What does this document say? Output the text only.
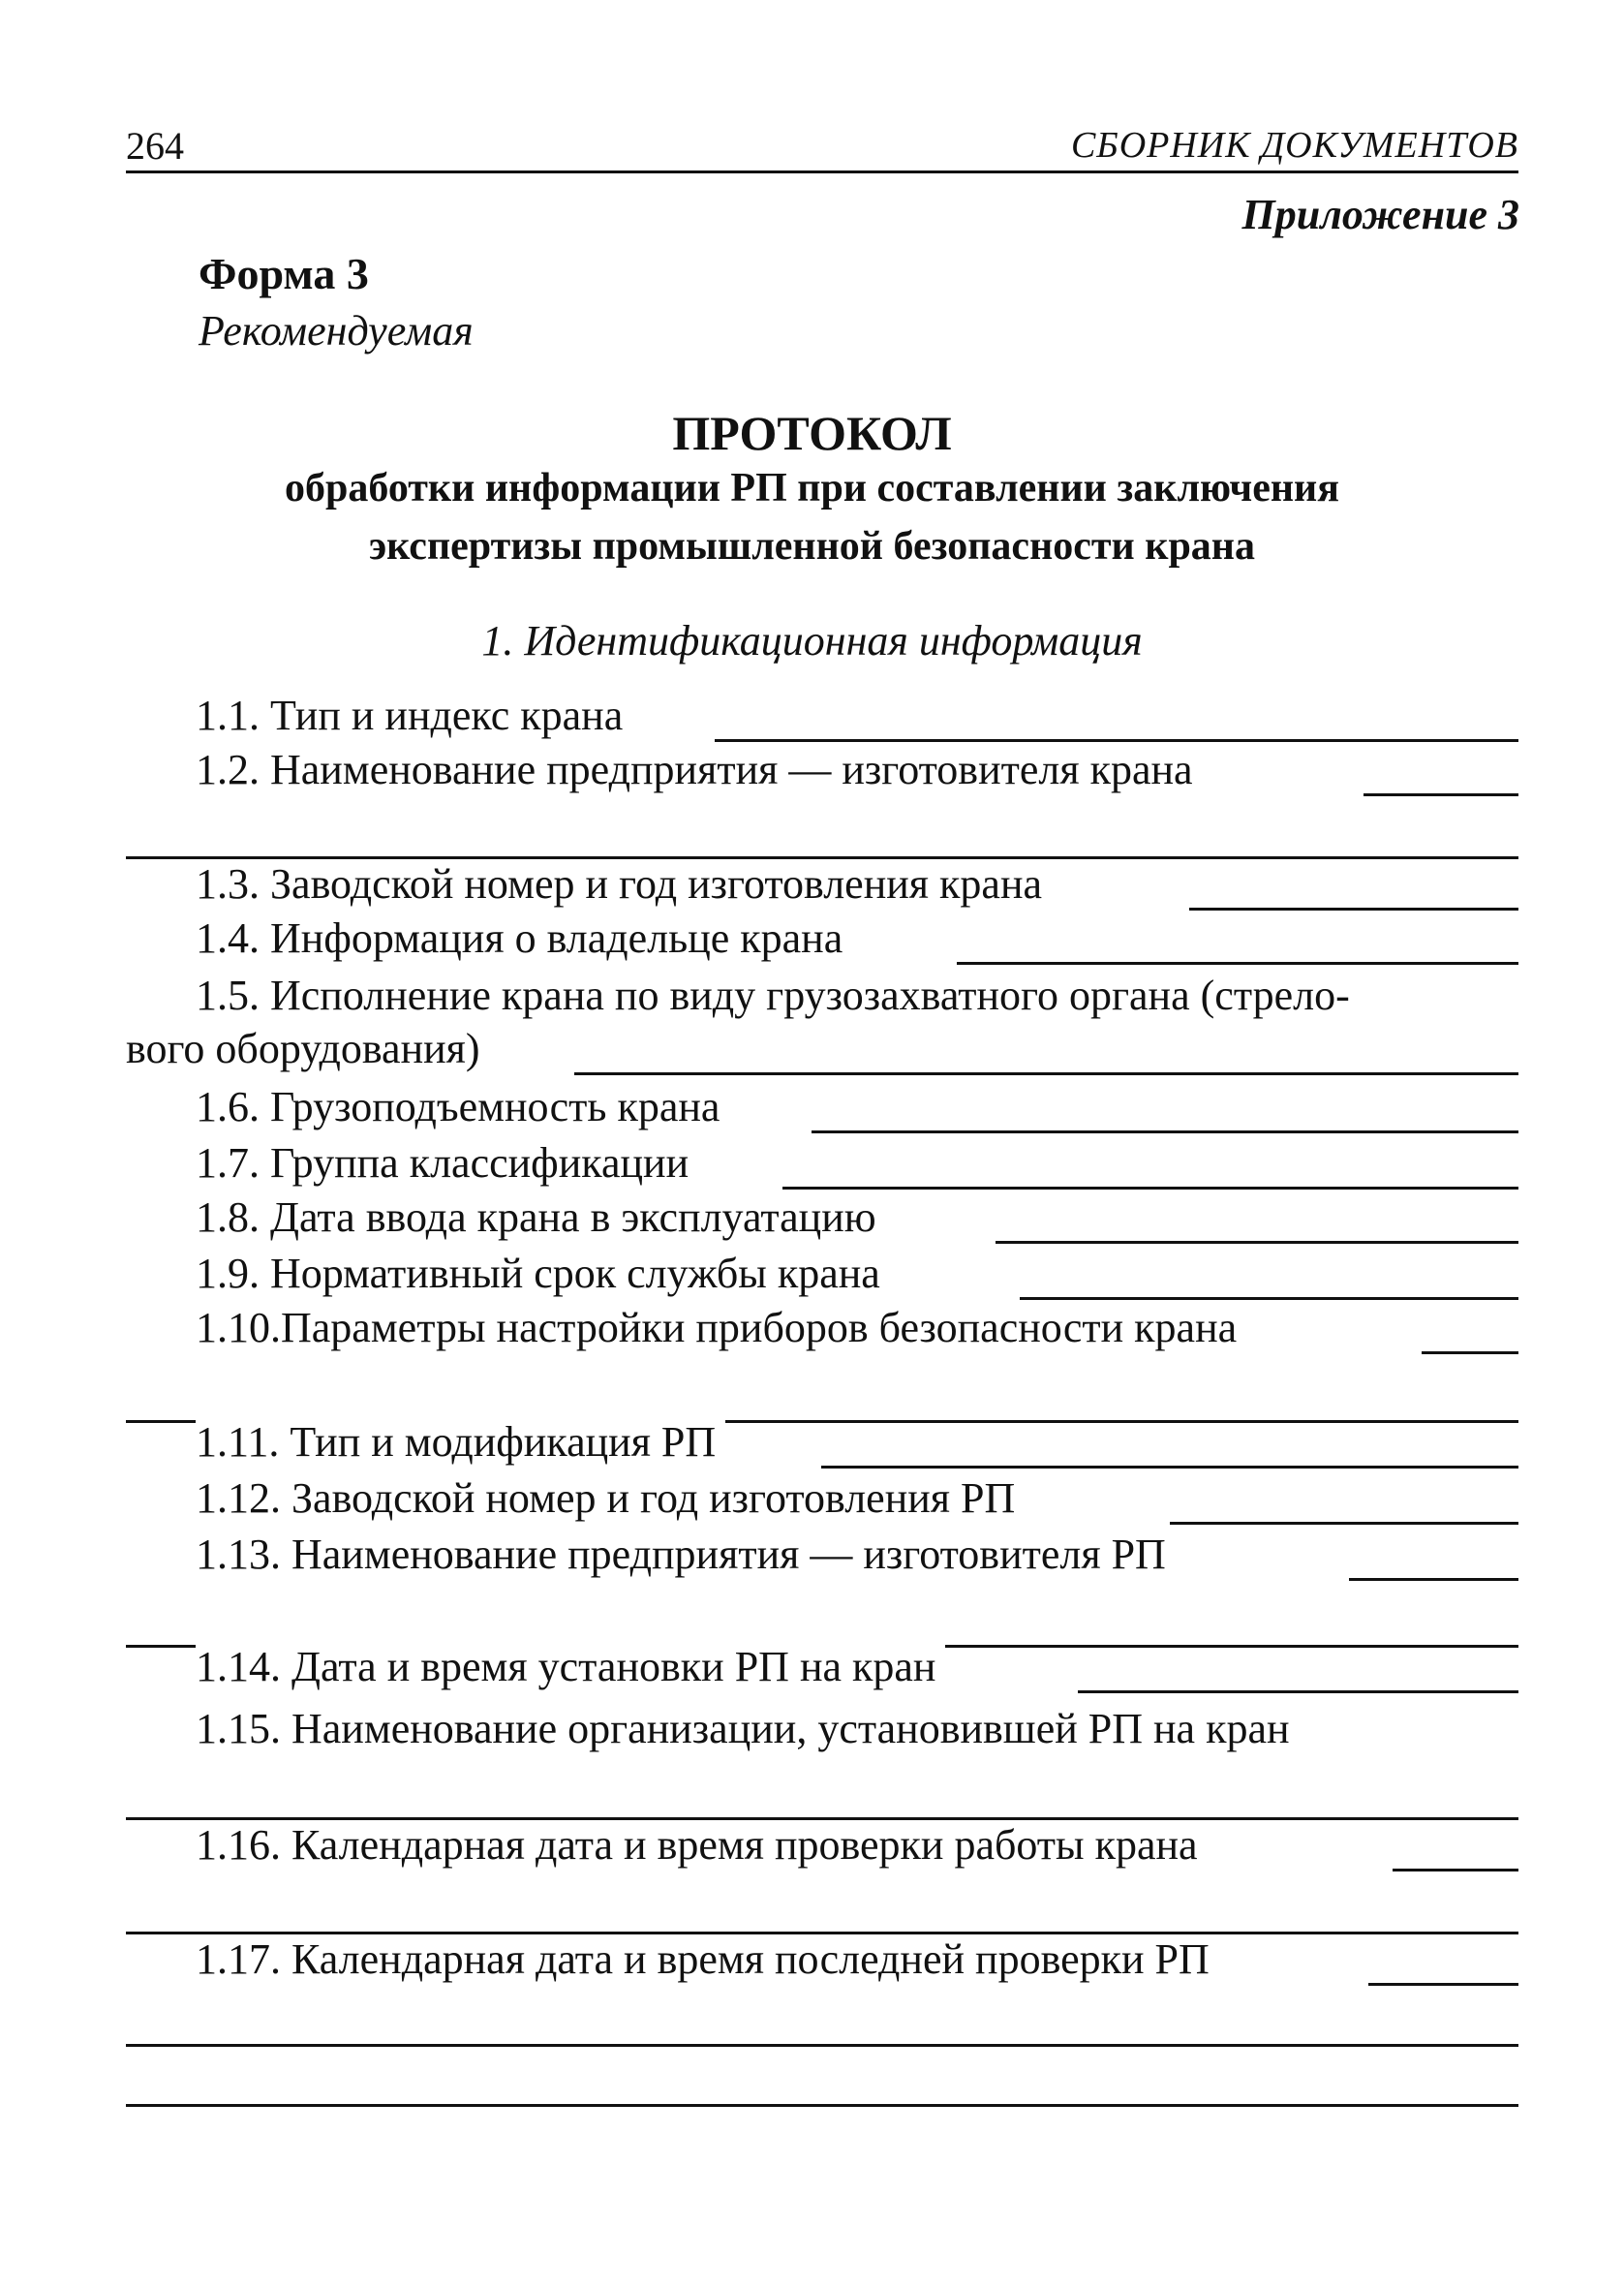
264	СБОРНИК ДОКУМЕНТОВ
Приложение 3
Форма 3
Рекомендуемая
ПРОТОКОЛ
обработки информации РП при составлении заключения
экспертизы промышленной безопасности крана
1. Идентификационная информация
1.1. Тип и индекс крана
1.2. Наименование предприятия — изготовителя крана
1.3. Заводской номер и год изготовления крана
1.4. Информация о владельце крана
1.5. Исполнение крана по виду грузозахватного органа (стрело-
вого оборудования)
1.6. Грузоподъемность крана
1.7. Группа классификации
1.8. Дата ввода крана в эксплуатацию
1.9. Нормативный срок службы крана
1.10.Параметры настройки приборов безопасности крана
1.11. Тип и модификация РП
1.12. Заводской номер и год изготовления РП
1.13. Наименование предприятия — изготовителя РП
1.14. Дата и время установки РП на кран
1.15. Наименование организации, установившей РП на кран
1.16. Календарная дата и время проверки работы крана
1.17. Календарная дата и время последней проверки РП
